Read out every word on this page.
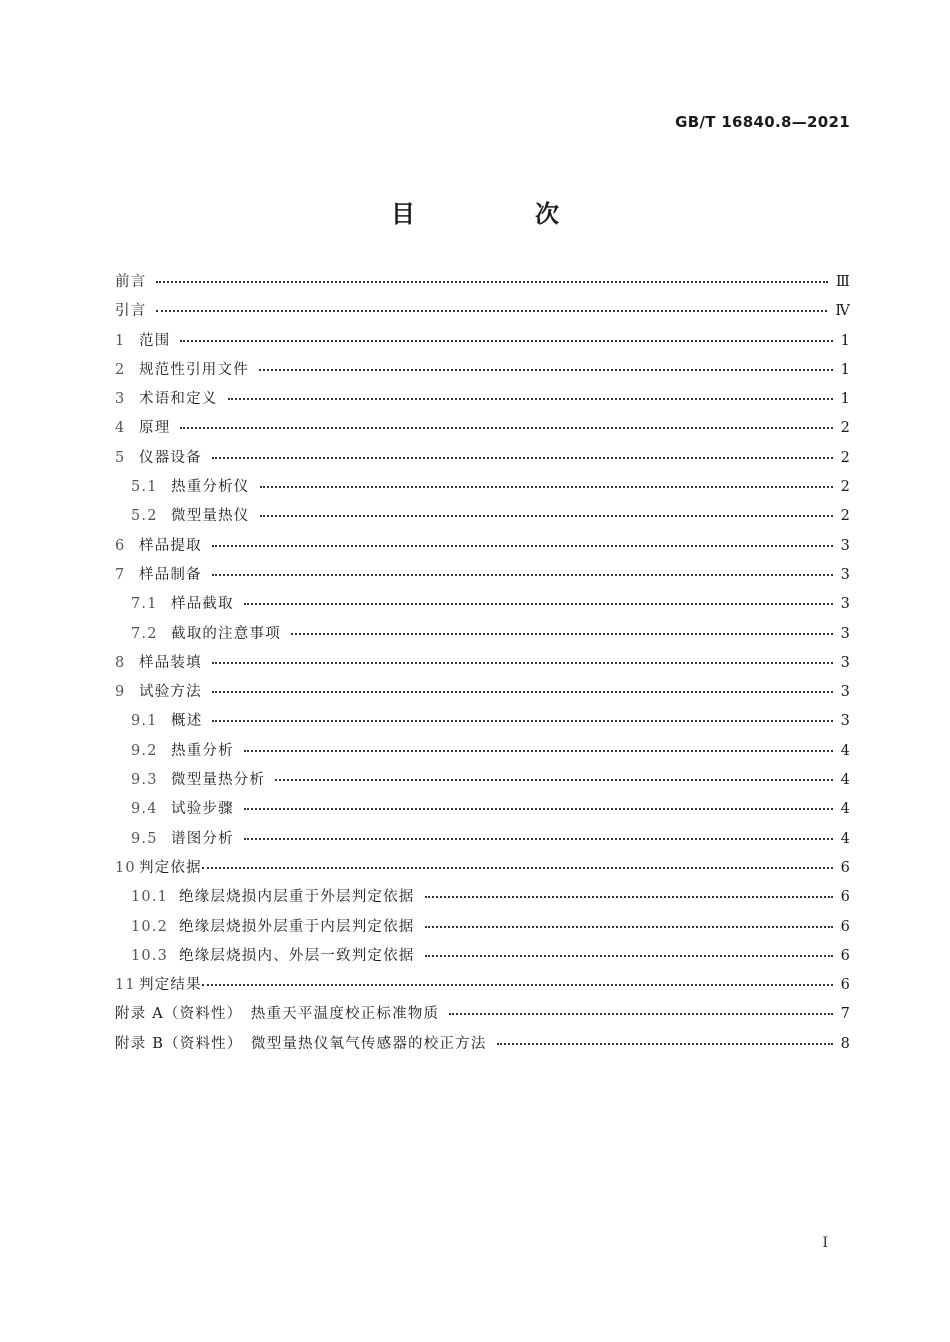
GB/T 16840.8—2021
目　次
前言	Ⅲ
引言	Ⅳ
1 范围	1
2 规范性引用文件	1
3 术语和定义	1
4 原理	2
5 仪器设备	2
5.1 热重分析仪	2
5.2 微型量热仪	2
6 样品提取	3
7 样品制备	3
7.1 样品截取	3
7.2 截取的注意事项	3
8 样品装填	3
9 试验方法	3
9.1 概述	3
9.2 热重分析	4
9.3 微型量热分析	4
9.4 试验步骤	4
9.5 谱图分析	4
10 判定依据	6
10.1 绝缘层烧损内层重于外层判定依据	6
10.2 绝缘层烧损外层重于内层判定依据	6
10.3 绝缘层烧损内、外层一致判定依据	6
11 判定结果	6
附录 A（资料性）　热重天平温度校正标准物质	7
附录 B（资料性）　微型量热仪氧气传感器的校正方法	8
Ⅰ
